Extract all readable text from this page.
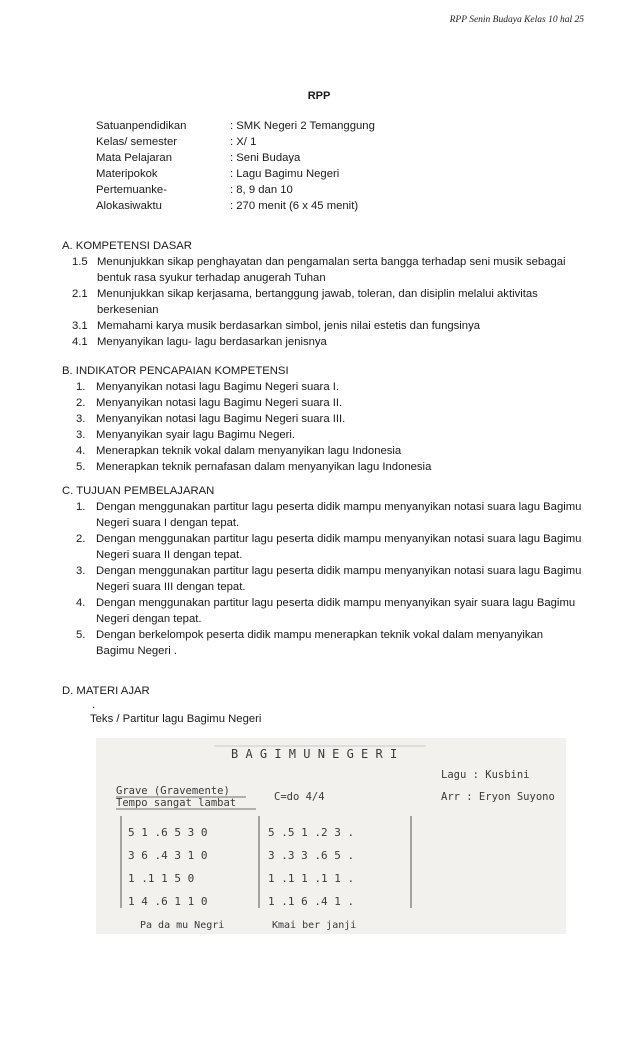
RPP Senin Budaya Kelas 10 hal 25
RPP
Satuanpendidikan	: SMK Negeri 2 Temanggung
Kelas/ semester	: X/ 1
Mata Pelajaran	: Seni Budaya
Materipokok	: Lagu Bagimu Negeri
Pertemuanke-	: 8, 9 dan 10
Alokasiwaktu	: 270 menit (6 x 45 menit)
A. KOMPETENSI DASAR
1.5 Menunjukkan sikap penghayatan dan pengamalan serta bangga terhadap seni musik sebagai bentuk rasa syukur terhadap anugerah Tuhan
2.1 Menunjukkan sikap kerjasama, bertanggung jawab, toleran, dan disiplin melalui aktivitas berkesenian
3.1 Memahami karya musik berdasarkan simbol, jenis nilai estetis dan fungsinya
4.1 Menyanyikan lagu- lagu berdasarkan jenisnya
B. INDIKATOR PENCAPAIAN KOMPETENSI
1. Menyanyikan notasi lagu Bagimu Negeri suara I.
2. Menyanyikan notasi lagu Bagimu Negeri suara II.
3. Menyanyikan notasi lagu Bagimu Negeri suara III.
3. Menyanyikan syair lagu Bagimu Negeri.
4. Menerapkan teknik vokal dalam menyanyikan lagu Indonesia
5. Menerapkan teknik pernafasan dalam menyanyikan lagu Indonesia
C. TUJUAN PEMBELAJARAN
1. Dengan menggunakan partitur lagu peserta didik mampu menyanyikan notasi suara lagu Bagimu Negeri suara I dengan tepat.
2. Dengan menggunakan partitur lagu peserta didik mampu menyanyikan notasi suara lagu Bagimu Negeri suara II dengan tepat.
3. Dengan menggunakan partitur lagu peserta didik mampu menyanyikan notasi suara lagu Bagimu Negeri suara III dengan tepat.
4. Dengan menggunakan partitur lagu peserta didik mampu menyanyikan syair suara lagu Bagimu Negeri dengan tepat.
5. Dengan berkelompok peserta didik mampu menerapkan teknik vokal dalam menyanyikan Bagimu Negeri .
D. MATERI AJAR
.
Teks / Partitur lagu Bagimu Negeri
B A G I M U N E G E R I
Grave (Gravemente)
Tempo sangat lambat	C=do 4/4
Lagu : Kusbini
Arr : Eryon Suyono
5 1 .6 5 3 0	5 .5 1 .2 3 .
3 6 .4 3 1 0	3 .3 3 .6 5 .
1 .1 1 5 0	1 .1 1 .1 1 .
1 4 .6 1 1 0	1 .1 6 .4 1 .
Pa da mu Negri	Kmai ber janji
